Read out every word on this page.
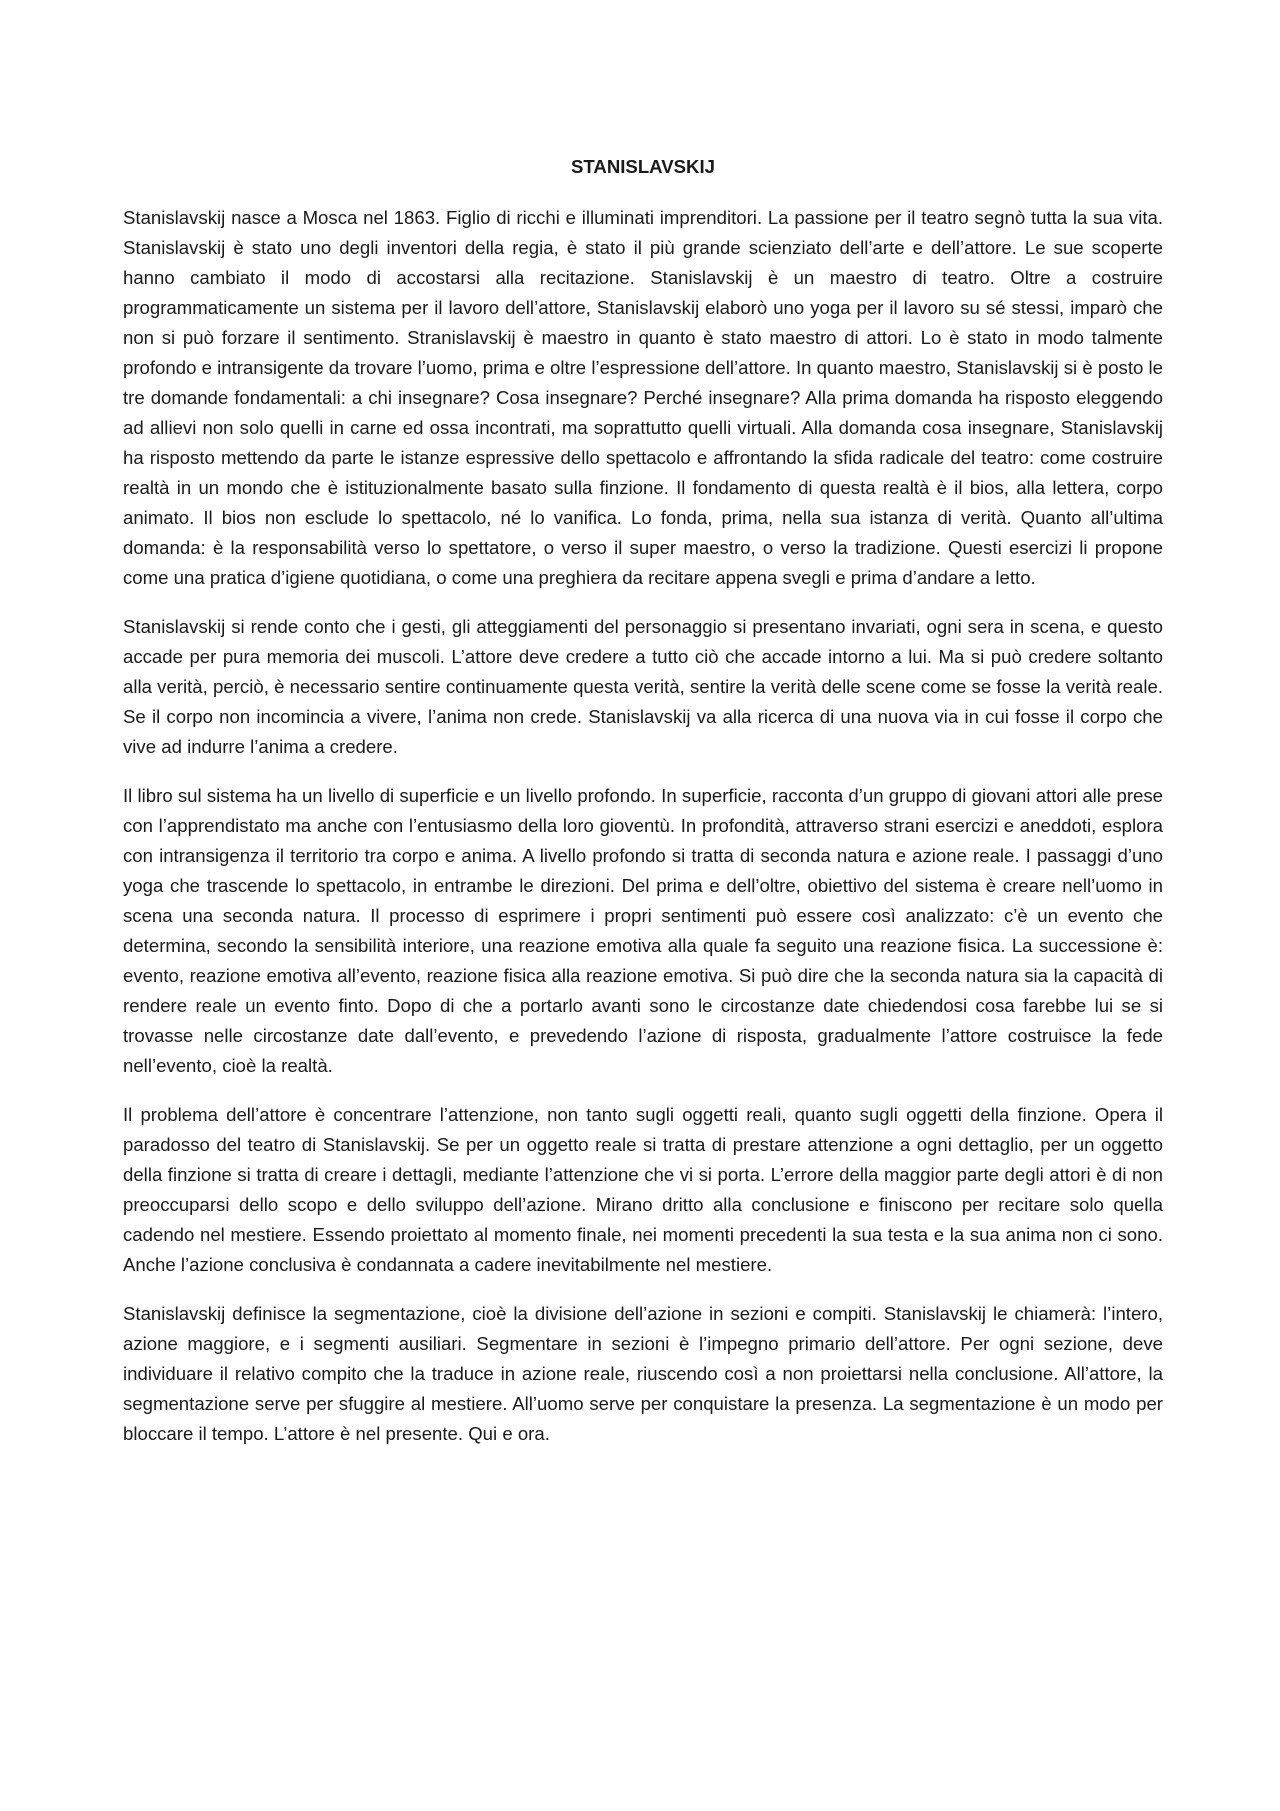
STANISLAVSKIJ

Stanislavskij nasce a Mosca nel 1863. Figlio di ricchi e illuminati imprenditori. La passione per il teatro segnò tutta la sua vita. Stanislavskij è stato uno degli inventori della regia, è stato il più grande scienziato dell’arte e dell’attore. Le sue scoperte hanno cambiato il modo di accostarsi alla recitazione. Stanislavskij è un maestro di teatro. Oltre a costruire programmaticamente un sistema per il lavoro dell’attore, Stanislavskij elaborò uno yoga per il lavoro su sé stessi, imparò che non si può forzare il sentimento. Stranislavskij è maestro in quanto è stato maestro di attori. Lo è stato in modo talmente profondo e intransigente da trovare l’uomo, prima e oltre l’espressione dell’attore. In quanto maestro, Stanislavskij si è posto le tre domande fondamentali: a chi insegnare? Cosa insegnare? Perché insegnare? Alla prima domanda ha risposto eleggendo ad allievi non solo quelli in carne ed ossa incontrati, ma soprattutto quelli virtuali. Alla domanda cosa insegnare, Stanislavskij ha risposto mettendo da parte le istanze espressive dello spettacolo e affrontando la sfida radicale del teatro: come costruire realtà in un mondo che è istituzionalmente basato sulla finzione. Il fondamento di questa realtà è il bios, alla lettera, corpo animato. Il bios non esclude lo spettacolo, né lo vanifica. Lo fonda, prima, nella sua istanza di verità. Quanto all’ultima domanda: è la responsabilità verso lo spettatore, o verso il super maestro, o verso la tradizione. Questi esercizi li propone come una pratica d’igiene quotidiana, o come una preghiera da recitare appena svegli e prima d’andare a letto.

Stanislavskij si rende conto che i gesti, gli atteggiamenti del personaggio si presentano invariati, ogni sera in scena, e questo accade per pura memoria dei muscoli. L’attore deve credere a tutto ciò che accade intorno a lui. Ma si può credere soltanto alla verità, perciò, è necessario sentire continuamente questa verità, sentire la verità delle scene come se fosse la verità reale. Se il corpo non incomincia a vivere, l’anima non crede. Stanislavskij va alla ricerca di una nuova via in cui fosse il corpo che vive ad indurre l’anima a credere.

Il libro sul sistema ha un livello di superficie e un livello profondo. In superficie, racconta d’un gruppo di giovani attori alle prese con l’apprendistato ma anche con l’entusiasmo della loro gioventù. In profondità, attraverso strani esercizi e aneddoti, esplora con intransigenza il territorio tra corpo e anima. A livello profondo si tratta di seconda natura e azione reale. I passaggi d’uno yoga che trascende lo spettacolo, in entrambe le direzioni. Del prima e dell’oltre, obiettivo del sistema è creare nell’uomo in scena una seconda natura. Il processo di esprimere i propri sentimenti può essere così analizzato: c’è un evento che determina, secondo la sensibilità interiore, una reazione emotiva alla quale fa seguito una reazione fisica. La successione è: evento, reazione emotiva all’evento, reazione fisica alla reazione emotiva. Si può dire che la seconda natura sia la capacità di rendere reale un evento finto. Dopo di che a portarlo avanti sono le circostanze date chiedendosi cosa farebbe lui se si trovasse nelle circostanze date dall’evento, e prevedendo l’azione di risposta, gradualmente l’attore costruisce la fede nell’evento, cioè la realtà.

Il problema dell’attore è concentrare l’attenzione, non tanto sugli oggetti reali, quanto sugli oggetti della finzione. Opera il paradosso del teatro di Stanislavskij. Se per un oggetto reale si tratta di prestare attenzione a ogni dettaglio, per un oggetto della finzione si tratta di creare i dettagli, mediante l’attenzione che vi si porta. L’errore della maggior parte degli attori è di non preoccuparsi dello scopo e dello sviluppo dell’azione. Mirano dritto alla conclusione e finiscono per recitare solo quella cadendo nel mestiere. Essendo proiettato al momento finale, nei momenti precedenti la sua testa e la sua anima non ci sono. Anche l’azione conclusiva è condannata a cadere inevitabilmente nel mestiere.

Stanislavskij definisce la segmentazione, cioè la divisione dell’azione in sezioni e compiti. Stanislavskij le chiamerà: l’intero, azione maggiore, e i segmenti ausiliari. Segmentare in sezioni è l’impegno primario dell’attore. Per ogni sezione, deve individuare il relativo compito che la traduce in azione reale, riuscendo così a non proiettarsi nella conclusione. All’attore, la segmentazione serve per sfuggire al mestiere. All’uomo serve per conquistare la presenza. La segmentazione è un modo per bloccare il tempo. L’attore è nel presente. Qui e ora.
